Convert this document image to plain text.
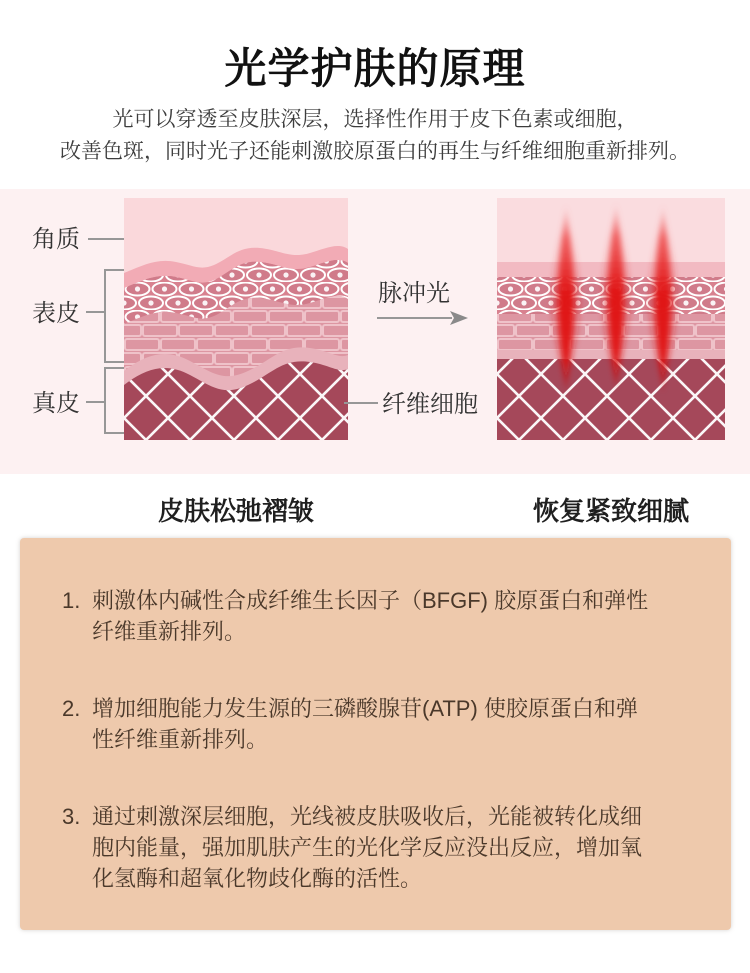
光学护肤的原理
光可以穿透至皮肤深层，选择性作用于皮下色素或细胞，
改善色斑，同时光子还能刺激胶原蛋白的再生与纤维细胞重新排列。
角质
表皮
真皮
脉冲光
纤维细胞
皮肤松弛褶皱	恢复紧致细腻
1. 刺激体内碱性合成纤维生长因子（BFGF) 胶原蛋白和弹性纤维重新排列。
2. 增加细胞能力发生源的三磷酸腺苷(ATP) 使胶原蛋白和弹性纤维重新排列。
3. 通过刺激深层细胞，光线被皮肤吸收后，光能被转化成细胞内能量，强加肌肤产生的光化学反应没出反应，增加氧化氢酶和超氧化物歧化酶的活性。
